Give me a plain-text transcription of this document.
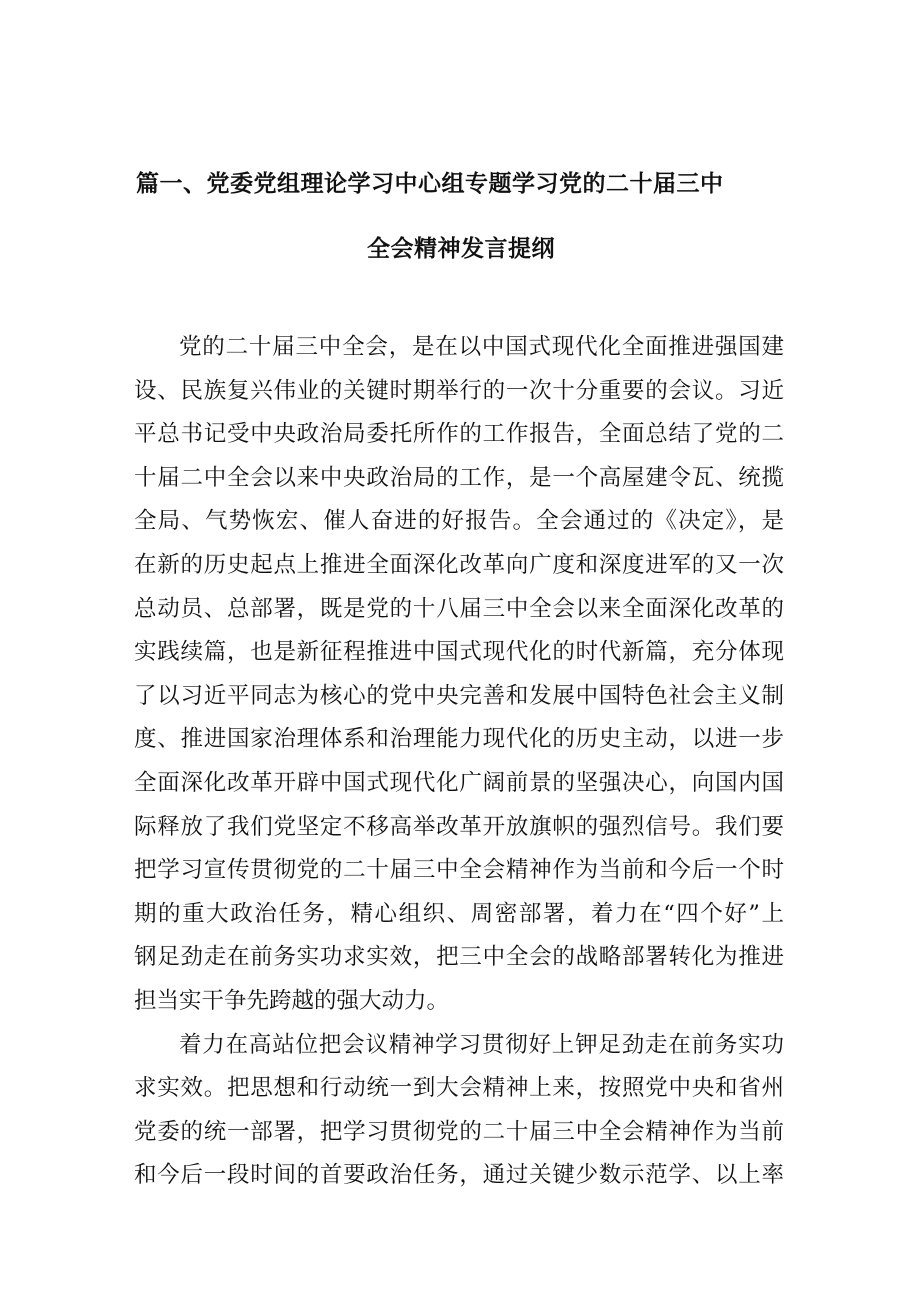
篇一、党委党组理论学习中心组专题学习党的二十届三中
全会精神发言提纲
党的二十届三中全会，是在以中国式现代化全面推进强国建
设、民族复兴伟业的关键时期举行的一次十分重要的会议。习近
平总书记受中央政治局委托所作的工作报告，全面总结了党的二
十届二中全会以来中央政治局的工作，是一个高屋建令瓦、统揽
全局、气势恢宏、催人奋进的好报告。全会通过的《决定》，是
在新的历史起点上推进全面深化改革向广度和深度进军的又一次
总动员、总部署，既是党的十八届三中全会以来全面深化改革的
实践续篇，也是新征程推进中国式现代化的时代新篇，充分体现
了以习近平同志为核心的党中央完善和发展中国特色社会主义制
度、推进国家治理体系和治理能力现代化的历史主动，以进一步
全面深化改革开辟中国式现代化广阔前景的坚强决心，向国内国
际释放了我们党坚定不移高举改革开放旗帜的强烈信号。我们要
把学习宣传贯彻党的二十届三中全会精神作为当前和今后一个时
期的重大政治任务，精心组织、周密部署，着力在“四个好”上
钢足劲走在前务实功求实效，把三中全会的战略部署转化为推进
担当实干争先跨越的强大动力。
着力在高站位把会议精神学习贯彻好上钾足劲走在前务实功
求实效。把思想和行动统一到大会精神上来，按照党中央和省州
党委的统一部署，把学习贯彻党的二十届三中全会精神作为当前
和今后一段时间的首要政治任务，通过关键少数示范学、以上率
